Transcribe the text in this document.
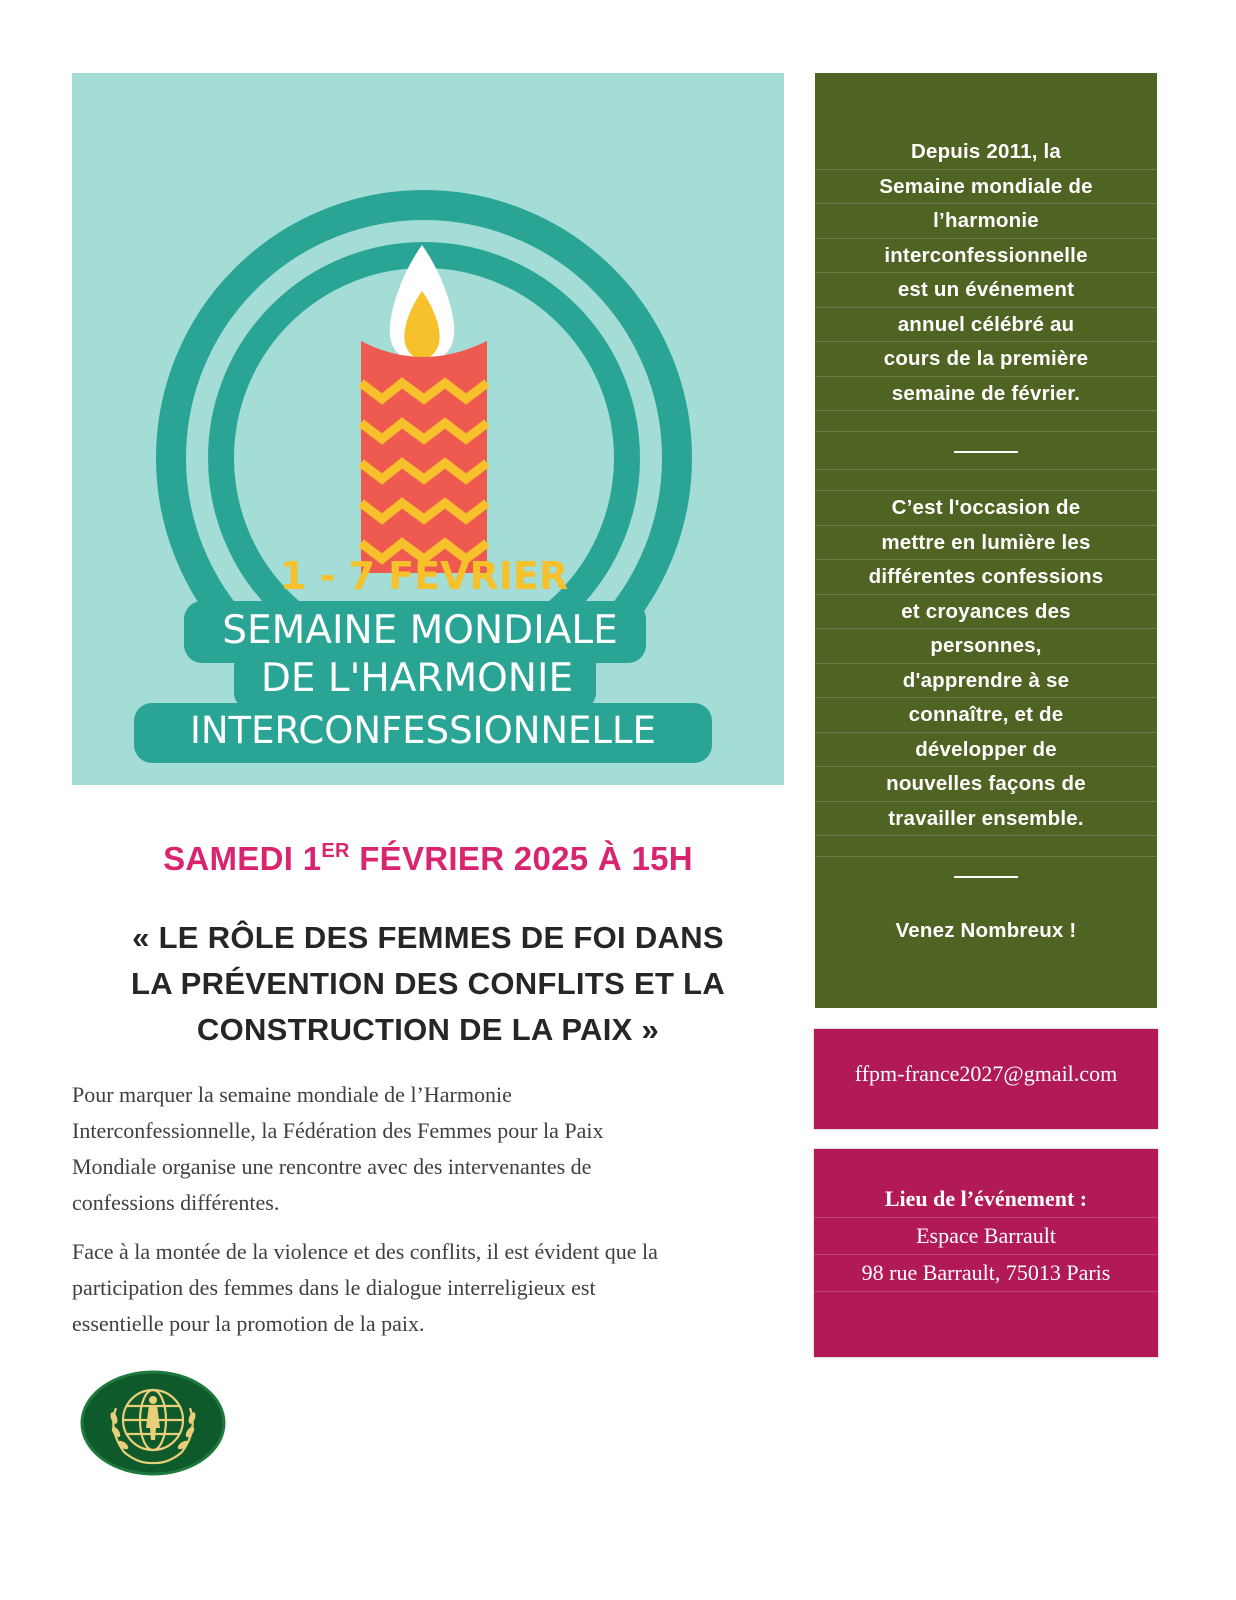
1 - 7 FÉVRIER
SEMAINE MONDIALE
DE L'HARMONIE
INTERCONFESSIONNELLE
Depuis 2011, la
Semaine mondiale de
l’harmonie
interconfessionnelle
est un événement
annuel célébré au
cours de la première
semaine de février.
C’est l'occasion de
mettre en lumière les
différentes confessions
et croyances des
personnes,
d'apprendre à se
connaître, et de
développer de
nouvelles façons de
travailler ensemble.
Venez Nombreux !
ffpm-france2027@gmail.com
Lieu de l’événement :
Espace Barrault
98 rue Barrault, 75013 Paris
SAMEDI 1ER FÉVRIER 2025 À 15H
« LE RÔLE DES FEMMES DE FOI DANS
LA PRÉVENTION DES CONFLITS ET LA
CONSTRUCTION DE LA PAIX »
Pour marquer la semaine mondiale de l’Harmonie
Interconfessionnelle, la Fédération des Femmes pour la Paix
Mondiale organise une rencontre avec des intervenantes de
confessions différentes.
Face à la montée de la violence et des conflits, il est évident que la
participation des femmes dans le dialogue interreligieux est
essentielle pour la promotion de la paix.
